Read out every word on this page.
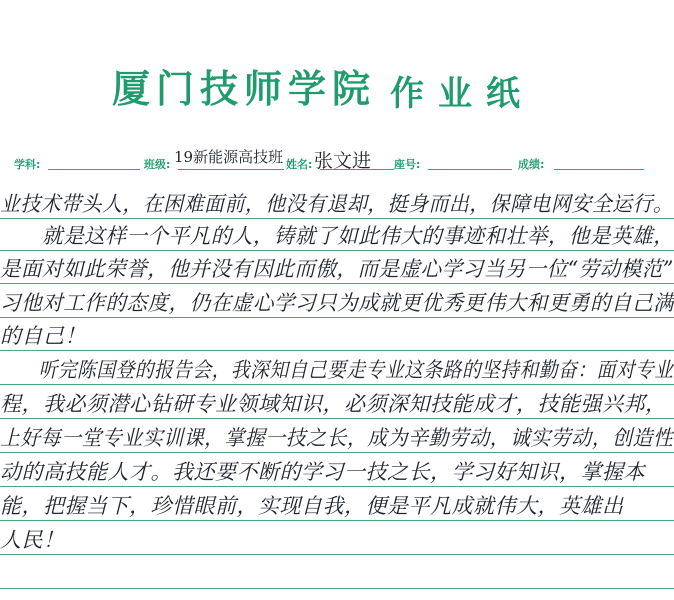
厦门技师学院 作业纸
学科:	班级: 19新能源高技班 姓名: 张文进 座号:	成绩:
业技术带头人，在困难面前，他没有退却，挺身而出，保障电网安全运行。
　　就是这样一个平凡的人，铸就了如此伟大的事迹和壮举，他是英雄，
是面对如此荣誉，他并没有因此而傲，而是虚心学习当另一位“劳动模范”
习他对工作的态度，仍在虚心学习只为成就更优秀更伟大和更勇的自己满
的自己！
　　听完陈国登的报告会，我深知自己要走专业这条路的坚持和勤奋：面对专业
程，我必须潜心钻研专业领域知识，必须深知技能成才，技能强兴邦，
上好每一堂专业实训课，掌握一技之长，成为辛勤劳动，诚实劳动，创造性
动的高技能人才。我还要不断的学习一技之长，学习好知识，掌握本
能，把握当下，珍惜眼前，实现自我，便是平凡成就伟大，英雄出
人民！
